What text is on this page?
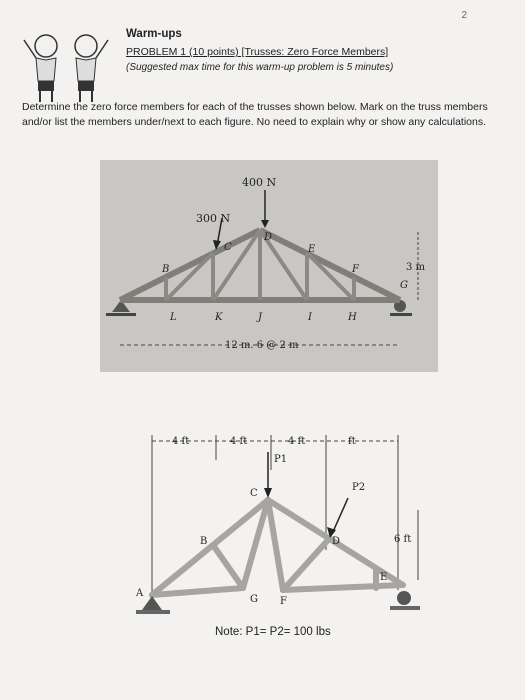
2
Warm-ups
PROBLEM 1 (10 points) [Trusses: Zero Force Members]
(Suggested max time for this warm-up problem is 5 minutes)
Determine the zero force members for each of the trusses shown below. Mark on the truss members and/or list the members under/next to each figure. No need to explain why or show any calculations.
400 N
300 N
B
C
D
E
F
G
L	K	J	I	H
3 m
12 m. 6 @ 2 m
4 ft	4 ft	4 ft	ft
P1
P2
6 ft
A
B
C
D
E
G F
Note: P1= P2= 100 lbs
